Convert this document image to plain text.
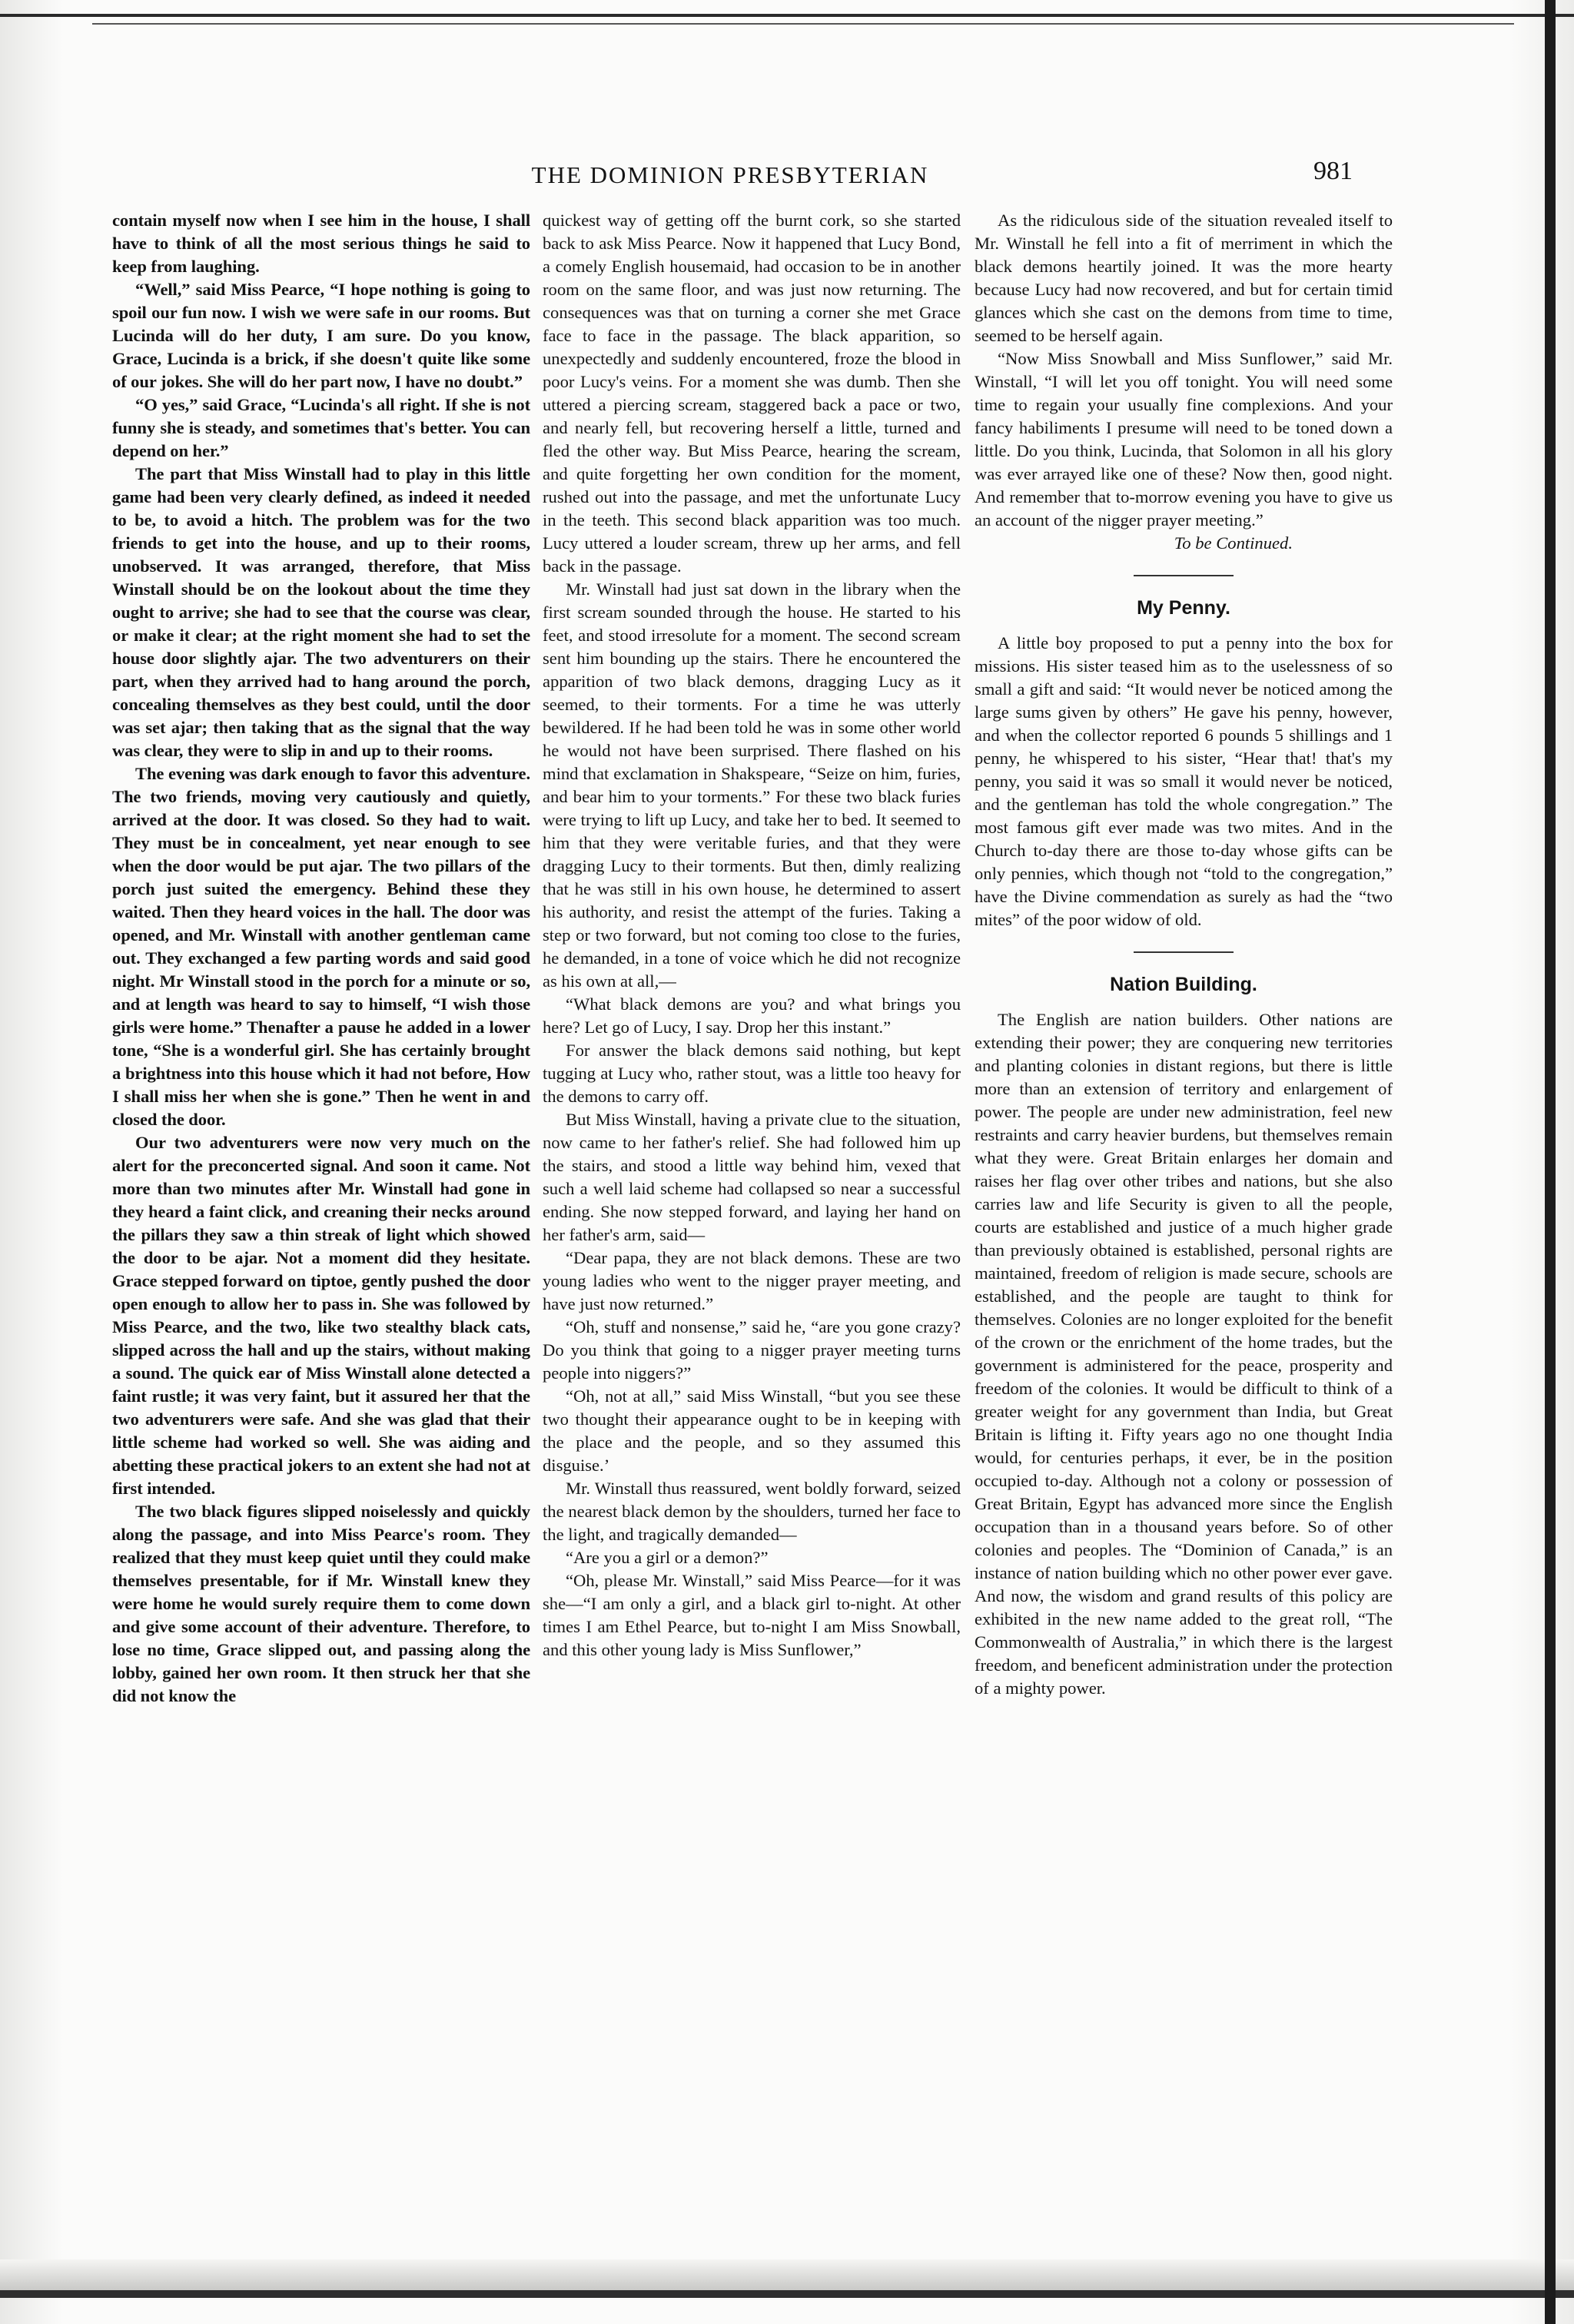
THE DOMINION PRESBYTERIAN	981

contain myself now when I see him in the house, I shall have to think of all the most serious things he said to keep from laughing.

“Well,” said Miss Pearce, “I hope nothing is going to spoil our fun now. I wish we were safe in our rooms. But Lucinda will do her duty, I am sure. Do you know, Grace, Lucinda is a brick, if she doesn't quite like some of our jokes. She will do her part now, I have no doubt.”

“O yes,” said Grace, “Lucinda's all right. If she is not funny she is steady, and sometimes that's better. You can depend on her.”

The part that Miss Winstall had to play in this little game had been very clearly defined, as indeed it needed to be, to avoid a hitch. The problem was for the two friends to get into the house, and up to their rooms, unobserved. It was arranged, therefore, that Miss Winstall should be on the lookout about the time they ought to arrive; she had to see that the course was clear, or make it clear; at the right moment she had to set the house door slightly ajar. The two adventurers on their part, when they arrived had to hang around the porch, concealing themselves as they best could, until the door was set ajar; then taking that as the signal that the way was clear, they were to slip in and up to their rooms.

The evening was dark enough to favor this adventure. The two friends, moving very cautiously and quietly, arrived at the door. It was closed. So they had to wait. They must be in concealment, yet near enough to see when the door would be put ajar. The two pillars of the porch just suited the emergency. Behind these they waited. Then they heard voices in the hall. The door was opened, and Mr. Winstall with another gentleman came out. They exchanged a few parting words and said good night. Mr Winstall stood in the porch for a minute or so, and at length was heard to say to himself, “I wish those girls were home.” Thenafter a pause he added in a lower tone, “She is a wonderful girl. She has certainly brought a brightness into this house which it had not before, How I shall miss her when she is gone.” Then he went in and closed the door.

Our two adventurers were now very much on the alert for the preconcerted signal. And soon it came. Not more than two minutes after Mr. Winstall had gone in they heard a faint click, and creaning their necks around the pillars they saw a thin streak of light which showed the door to be ajar. Not a moment did they hesitate. Grace stepped forward on tiptoe, gently pushed the door open enough to allow her to pass in. She was followed by Miss Pearce, and the two, like two stealthy black cats, slipped across the hall and up the stairs, without making a sound. The quick ear of Miss Winstall alone detected a faint rustle; it was very faint, but it assured her that the two adventurers were safe. And she was glad that their little scheme had worked so well. She was aiding and abetting these practical jokers to an extent she had not at first intended.

The two black figures slipped noiselessly and quickly along the passage, and into Miss Pearce's room. They realized that they must keep quiet until they could make themselves presentable, for if Mr. Winstall knew they were home he would surely require them to come down and give some account of their adventure. Therefore, to lose no time, Grace slipped out, and passing along the lobby, gained her own room. It then struck her that she did not know the

quickest way of getting off the burnt cork, so she started back to ask Miss Pearce. Now it happened that Lucy Bond, a comely English housemaid, had occasion to be in another room on the same floor, and was just now returning. The consequences was that on turning a corner she met Grace face to face in the passage. The black apparition, so unexpectedly and suddenly encountered, froze the blood in poor Lucy's veins. For a moment she was dumb. Then she uttered a piercing scream, staggered back a pace or two, and nearly fell, but recovering herself a little, turned and fled the other way. But Miss Pearce, hearing the scream, and quite forgetting her own condition for the moment, rushed out into the passage, and met the unfortunate Lucy in the teeth. This second black apparition was too much. Lucy uttered a louder scream, threw up her arms, and fell back in the passage.

Mr. Winstall had just sat down in the library when the first scream sounded through the house. He started to his feet, and stood irresolute for a moment. The second scream sent him bounding up the stairs. There he encountered the apparition of two black demons, dragging Lucy as it seemed, to their torments. For a time he was utterly bewildered. If he had been told he was in some other world he would not have been surprised. There flashed on his mind that exclamation in Shakspeare, “Seize on him, furies, and bear him to your torments.” For these two black furies were trying to lift up Lucy, and take her to bed. It seemed to him that they were veritable furies, and that they were dragging Lucy to their torments. But then, dimly realizing that he was still in his own house, he determined to assert his authority, and resist the attempt of the furies. Taking a step or two forward, but not coming too close to the furies, he demanded, in a tone of voice which he did not recognize as his own at all,—

“What black demons are you? and what brings you here? Let go of Lucy, I say. Drop her this instant.”

For answer the black demons said nothing, but kept tugging at Lucy who, rather stout, was a little too heavy for the demons to carry off.

But Miss Winstall, having a private clue to the situation, now came to her father's relief. She had followed him up the stairs, and stood a little way behind him, vexed that such a well laid scheme had collapsed so near a successful ending. She now stepped forward, and laying her hand on her father's arm, said—

“Dear papa, they are not black demons. These are two young ladies who went to the nigger prayer meeting, and have just now returned.”

“Oh, stuff and nonsense,” said he, “are you gone crazy? Do you think that going to a nigger prayer meeting turns people into niggers?”

“Oh, not at all,” said Miss Winstall, “but you see these two thought their appearance ought to be in keeping with the place and the people, and so they assumed this disguise.’

Mr. Winstall thus reassured, went boldly forward, seized the nearest black demon by the shoulders, turned her face to the light, and tragically demanded—

“Are you a girl or a demon?”

“Oh, please Mr. Winstall,” said Miss Pearce—for it was she—“I am only a girl, and a black girl to-night. At other times I am Ethel Pearce, but to-night I am Miss Snowball, and this other young lady is Miss Sunflower,”

As the ridiculous side of the situation revealed itself to Mr. Winstall he fell into a fit of merriment in which the black demons heartily joined. It was the more hearty because Lucy had now recovered, and but for certain timid glances which she cast on the demons from time to time, seemed to be herself again.

“Now Miss Snowball and Miss Sunflower,” said Mr. Winstall, “I will let you off tonight. You will need some time to regain your usually fine complexions. And your fancy habiliments I presume will need to be toned down a little. Do you think, Lucinda, that Solomon in all his glory was ever arrayed like one of these? Now then, good night. And remember that to-morrow evening you have to give us an account of the nigger prayer meeting.”

To be Continued.

My Penny.

A little boy proposed to put a penny into the box for missions. His sister teased him as to the uselessness of so small a gift and said: “It would never be noticed among the large sums given by others” He gave his penny, however, and when the collector reported 6 pounds 5 shillings and 1 penny, he whispered to his sister, “Hear that! that's my penny, you said it was so small it would never be noticed, and the gentleman has told the whole congregation.” The most famous gift ever made was two mites. And in the Church to-day there are those to-day whose gifts can be only pennies, which though not “told to the congregation,” have the Divine commendation as surely as had the “two mites” of the poor widow of old.

Nation Building.

The English are nation builders. Other nations are extending their power; they are conquering new territories and planting colonies in distant regions, but there is little more than an extension of territory and enlargement of power. The people are under new administration, feel new restraints and carry heavier burdens, but themselves remain what they were. Great Britain enlarges her domain and raises her flag over other tribes and nations, but she also carries law and life Security is given to all the people, courts are established and justice of a much higher grade than previously obtained is established, personal rights are maintained, freedom of religion is made secure, schools are established, and the people are taught to think for themselves. Colonies are no longer exploited for the benefit of the crown or the enrichment of the home trades, but the government is administered for the peace, prosperity and freedom of the colonies. It would be difficult to think of a greater weight for any government than India, but Great Britain is lifting it. Fifty years ago no one thought India would, for centuries perhaps, it ever, be in the position occupied to-day. Although not a colony or possession of Great Britain, Egypt has advanced more since the English occupation than in a thousand years before. So of other colonies and peoples. The “Dominion of Canada,” is an instance of nation building which no other power ever gave. And now, the wisdom and grand results of this policy are exhibited in the new name added to the great roll, “The Commonwealth of Australia,” in which there is the largest freedom, and beneficent administration under the protection of a mighty power.
